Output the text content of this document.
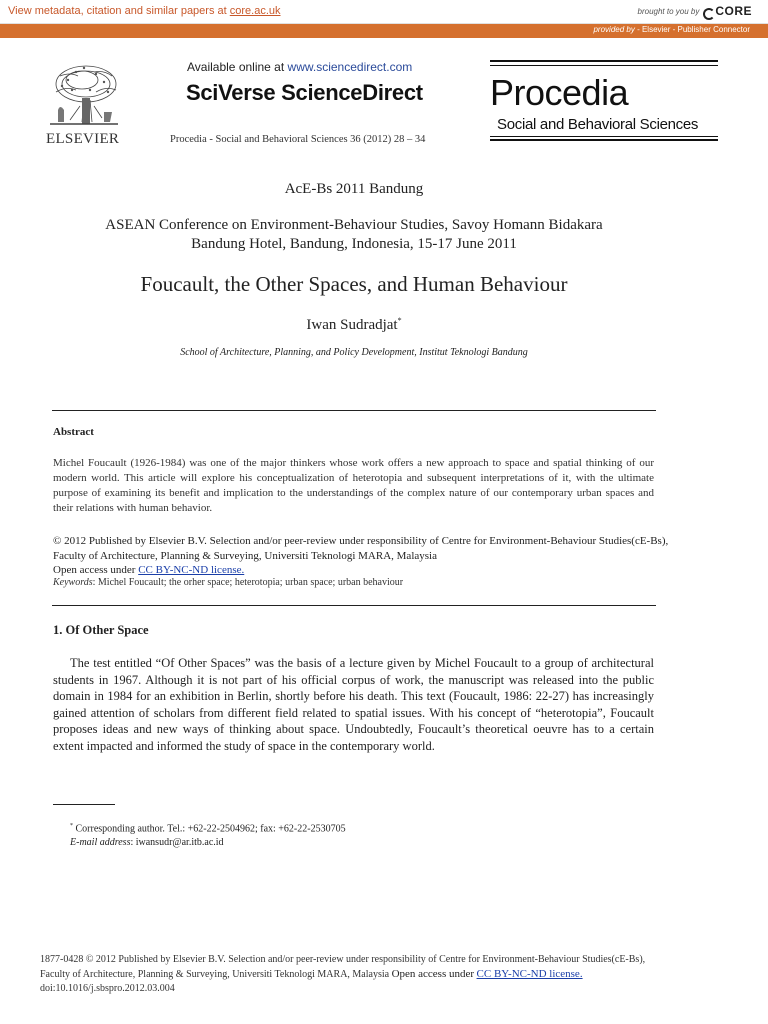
View metadata, citation and similar papers at core.ac.uk	brought to you by CORE
provided by - Elsevier - Publisher Connector
ELSEVIER
Available online at www.sciencedirect.com
SciVerse ScienceDirect
Procedia - Social and Behavioral Sciences 36 (2012) 28 – 34
Procedia
Social and Behavioral Sciences
AcE-Bs 2011 Bandung
ASEAN Conference on Environment-Behaviour Studies, Savoy Homann Bidakara
Bandung Hotel, Bandung, Indonesia, 15-17 June 2011
Foucault, the Other Spaces, and Human Behaviour
Iwan Sudradjat*
School of Architecture, Planning, and Policy Development, Institut Teknologi Bandung
Abstract
Michel Foucault (1926-1984) was one of the major thinkers whose work offers a new approach to space and spatial thinking of our modern world. This article will explore his conceptualization of heterotopia and subsequent interpretations of it, with the ultimate purpose of examining its benefit and implication to the understandings of the complex nature of our contemporary urban spaces and their relations with human behavior.
© 2012 Published by Elsevier B.V. Selection and/or peer-review under responsibility of Centre for Environment-Behaviour Studies(cE-Bs), Faculty of Architecture, Planning & Surveying, Universiti Teknologi MARA, Malaysia
Open access under CC BY-NC-ND license.
Keywords: Michel Foucault; the orher space; heterotopia; urban space; urban behaviour
1. Of Other Space
The test entitled “Of Other Spaces” was the basis of a lecture given by Michel Foucault to a group of architectural students in 1967. Although it is not part of his official corpus of work, the manuscript was released into the public domain in 1984 for an exhibition in Berlin, shortly before his death. This text (Foucault, 1986: 22-27) has increasingly gained attention of scholars from different field related to spatial issues. With his concept of “heterotopia”, Foucault proposes ideas and new ways of thinking about space. Undoubtedly, Foucault’s theoretical oeuvre has to a certain extent impacted and informed the study of space in the contemporary world.
* Corresponding author. Tel.: +62-22-2504962; fax: +62-22-2530705
E-mail address: iwansudr@ar.itb.ac.id
1877-0428 © 2012 Published by Elsevier B.V. Selection and/or peer-review under responsibility of Centre for Environment-Behaviour Studies(cE-Bs),
Faculty of Architecture, Planning & Surveying, Universiti Teknologi MARA, Malaysia Open access under CC BY-NC-ND license.
doi:10.1016/j.sbspro.2012.03.004
